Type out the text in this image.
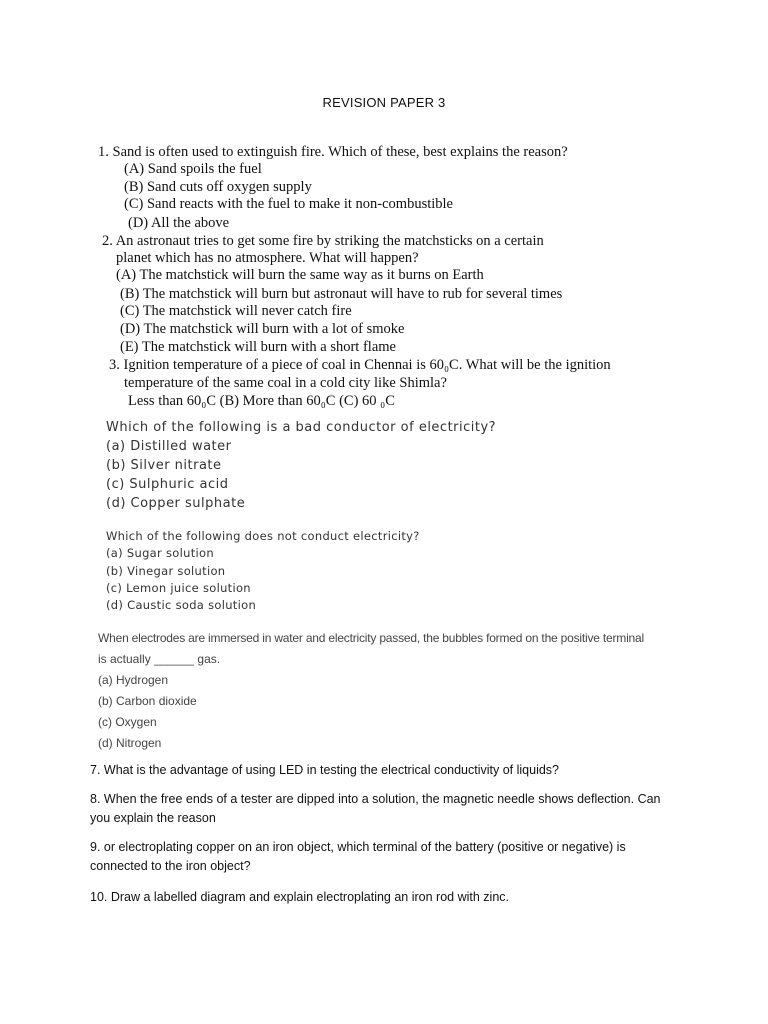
REVISION PAPER 3
1. Sand is often used to extinguish fire. Which of these, best explains the reason?
(A) Sand spoils the fuel
(B) Sand cuts off oxygen supply
(C) Sand reacts with the fuel to make it non-combustible
(D) All the above
2. An astronaut tries to get some fire by striking the matchsticks on a certain
planet which has no atmosphere. What will happen?
(A) The matchstick will burn the same way as it burns on Earth
(B) The matchstick will burn but astronaut will have to rub for several times
(C) The matchstick will never catch fire
(D) The matchstick will burn with a lot of smoke
(E) The matchstick will burn with a short flame
3. Ignition temperature of a piece of coal in Chennai is 60₀C. What will be the ignition
temperature of the same coal in a cold city like Shimla?
Less than 60₀C (B) More than 60₀C (C) 60 ₀C
Which of the following is a bad conductor of electricity?
(a) Distilled water
(b) Silver nitrate
(c) Sulphuric acid
(d) Copper sulphate
Which of the following does not conduct electricity?
(a) Sugar solution
(b) Vinegar solution
(c) Lemon juice solution
(d) Caustic soda solution
When electrodes are immersed in water and electricity passed, the bubbles formed on the positive terminal
is actually ______ gas.
(a) Hydrogen
(b) Carbon dioxide
(c) Oxygen
(d) Nitrogen
7. What is the advantage of using LED in testing the electrical conductivity of liquids?
8. When the free ends of a tester are dipped into a solution, the magnetic needle shows deflection. Can
you explain the reason
9. or electroplating copper on an iron object, which terminal of the battery (positive or negative) is
connected to the iron object?
10. Draw a labelled diagram and explain electroplating an iron rod with zinc.
